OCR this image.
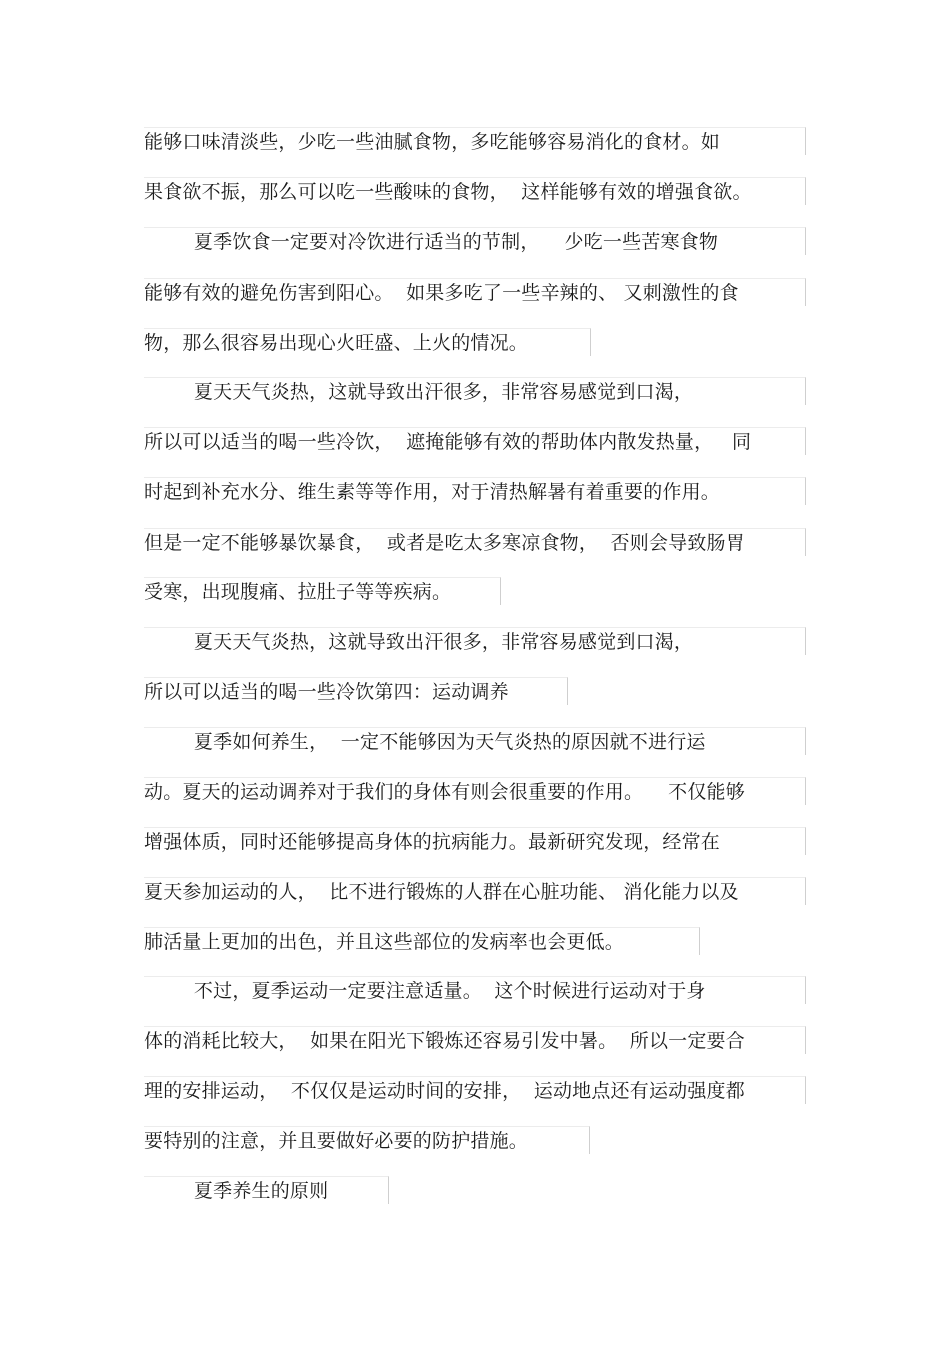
能够口味清淡些，少吃一些油腻食物，多吃能够容易消化的食材。如
果食欲不振，那么可以吃一些酸味的食物，  这样能够有效的增强食欲。
夏季饮食一定要对冷饮进行适当的节制，    少吃一些苦寒食物
能够有效的避免伤害到阳心。  如果多吃了一些辛辣的、 又刺激性的食
物，那么很容易出现心火旺盛、上火的情况。
夏天天气炎热，这就导致出汗很多，非常容易感觉到口渴，
所以可以适当的喝一些冷饮，  遮掩能够有效的帮助体内散发热量，   同
时起到补充水分、维生素等等作用，对于清热解暑有着重要的作用。
但是一定不能够暴饮暴食，  或者是吃太多寒凉食物，  否则会导致肠胃
受寒，出现腹痛、拉肚子等等疾病。
夏天天气炎热，这就导致出汗很多，非常容易感觉到口渴，
所以可以适当的喝一些冷饮第四：运动调养
夏季如何养生，  一定不能够因为天气炎热的原因就不进行运
动。夏天的运动调养对于我们的身体有则会很重要的作用。    不仅能够
增强体质，同时还能够提高身体的抗病能力。最新研究发现，经常在
夏天参加运动的人，  比不进行锻炼的人群在心脏功能、 消化能力以及
肺活量上更加的出色，并且这些部位的发病率也会更低。
不过，夏季运动一定要注意适量。  这个时候进行运动对于身
体的消耗比较大，  如果在阳光下锻炼还容易引发中暑。  所以一定要合
理的安排运动，  不仅仅是运动时间的安排，  运动地点还有运动强度都
要特别的注意，并且要做好必要的防护措施。
夏季养生的原则
